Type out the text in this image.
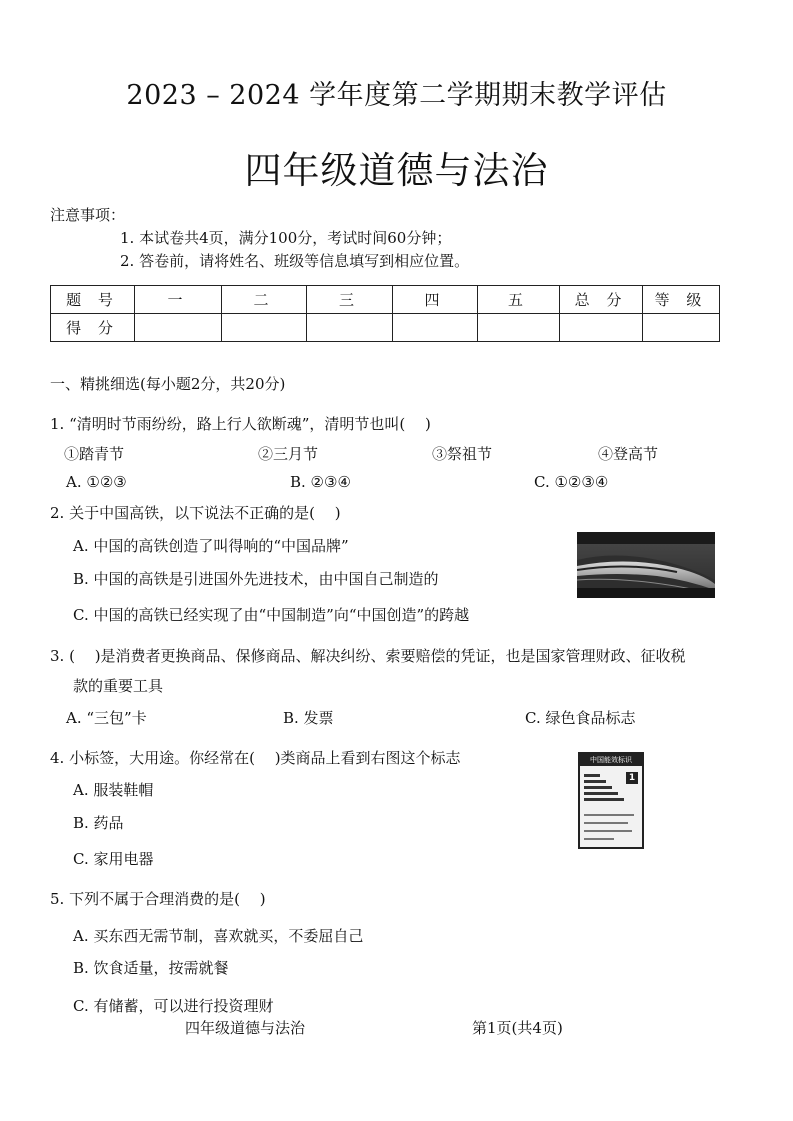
2023 – 2024 学年度第二学期期末教学评估
四年级道德与法治
注意事项：
1. 本试卷共4页，满分100分，考试时间60分钟；
2. 答卷前，请将姓名、班级等信息填写到相应位置。
题 号	一	二	三	四	五	总 分	等 级
得 分							
一、精挑细选(每小题2分，共20分)
1. “清明时节雨纷纷，路上行人欲断魂”，清明节也叫(　 )
①踏青节	②三月节	③祭祖节	④登高节
A. ①②③	B. ②③④	C. ①②③④
2. 关于中国高铁，以下说法不正确的是(　 )
A. 中国的高铁创造了叫得响的“中国品牌”
B. 中国的高铁是引进国外先进技术，由中国自己制造的
C. 中国的高铁已经实现了由“中国制造”向“中国创造”的跨越
3. (　 )是消费者更换商品、保修商品、解决纠纷、索要赔偿的凭证，也是国家管理财政、征收税
款的重要工具
A. “三包”卡	B. 发票	C. 绿色食品标志
4. 小标签，大用途。你经常在(　 )类商品上看到右图这个标志
A. 服装鞋帽
B. 药品
C. 家用电器
中国能效标识
1
5. 下列不属于合理消费的是(　 )
A. 买东西无需节制，喜欢就买，不委屈自己
B. 饮食适量，按需就餐
C. 有储蓄，可以进行投资理财
四年级道德与法治	第1页(共4页)
